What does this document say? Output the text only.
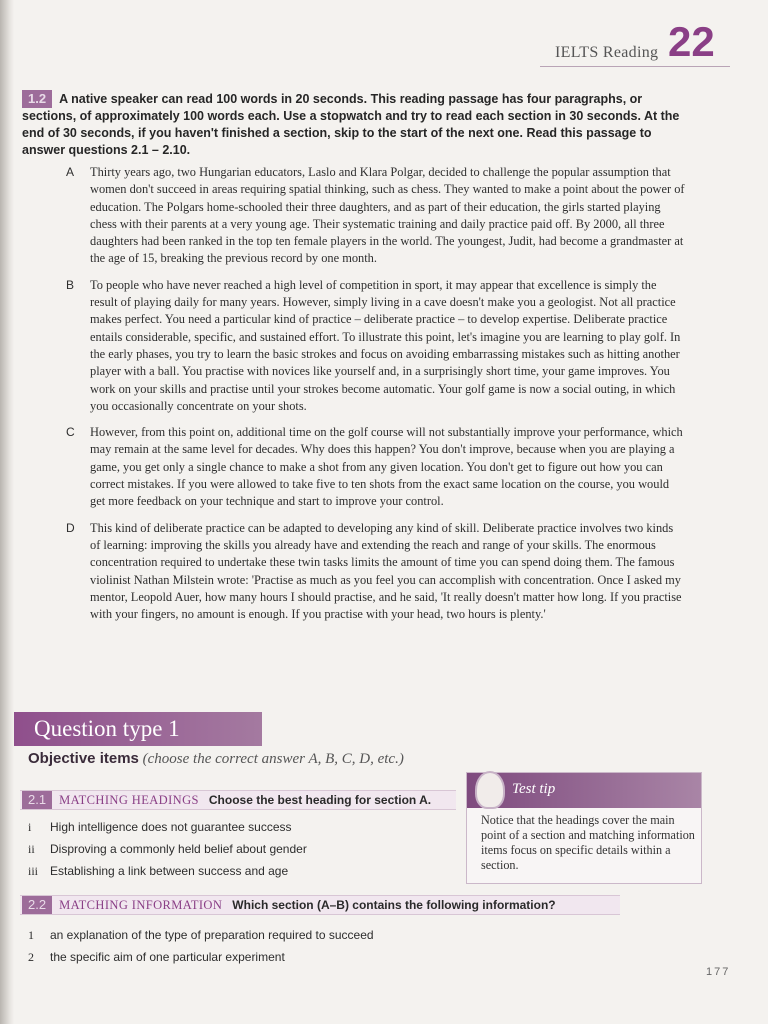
IELTS Reading 22
1.2 A native speaker can read 100 words in 20 seconds. This reading passage has four paragraphs, or sections, of approximately 100 words each. Use a stopwatch and try to read each section in 30 seconds. At the end of 30 seconds, if you haven't finished a section, skip to the start of the next one. Read this passage to answer questions 2.1 – 2.10.
A Thirty years ago, two Hungarian educators, Laslo and Klara Polgar, decided to challenge the popular assumption that women don't succeed in areas requiring spatial thinking, such as chess. They wanted to make a point about the power of education. The Polgars home-schooled their three daughters, and as part of their education, the girls started playing chess with their parents at a very young age. Their systematic training and daily practice paid off. By 2000, all three daughters had been ranked in the top ten female players in the world. The youngest, Judit, had become a grandmaster at the age of 15, breaking the previous record by one month.
B To people who have never reached a high level of competition in sport, it may appear that excellence is simply the result of playing daily for many years. However, simply living in a cave doesn't make you a geologist. Not all practice makes perfect. You need a particular kind of practice – deliberate practice – to develop expertise. Deliberate practice entails considerable, specific, and sustained effort. To illustrate this point, let's imagine you are learning to play golf. In the early phases, you try to learn the basic strokes and focus on avoiding embarrassing mistakes such as hitting another player with a ball. You practise with novices like yourself and, in a surprisingly short time, your game improves. You work on your skills and practise until your strokes become automatic. Your golf game is now a social outing, in which you occasionally concentrate on your shots.
C However, from this point on, additional time on the golf course will not substantially improve your performance, which may remain at the same level for decades. Why does this happen? You don't improve, because when you are playing a game, you get only a single chance to make a shot from any given location. You don't get to figure out how you can correct mistakes. If you were allowed to take five to ten shots from the exact same location on the course, you would get more feedback on your technique and start to improve your control.
D This kind of deliberate practice can be adapted to developing any kind of skill. Deliberate practice involves two kinds of learning: improving the skills you already have and extending the reach and range of your skills. The enormous concentration required to undertake these twin tasks limits the amount of time you can spend doing them. The famous violinist Nathan Milstein wrote: 'Practise as much as you feel you can accomplish with concentration. Once I asked my mentor, Leopold Auer, how many hours I should practise, and he said, 'It really doesn't matter how long. If you practise with your fingers, no amount is enough. If you practise with your head, two hours is plenty.'
Question type 1
Objective items (choose the correct answer A, B, C, D, etc.)
Test tip
Notice that the headings cover the main point of a section and matching information items focus on specific details within a section.
2.1 MATCHING HEADINGS Choose the best heading for section A.
i High intelligence does not guarantee success
ii Disproving a commonly held belief about gender
iii Establishing a link between success and age
2.2 MATCHING INFORMATION Which section (A–B) contains the following information?
1 an explanation of the type of preparation required to succeed
2 the specific aim of one particular experiment
177
